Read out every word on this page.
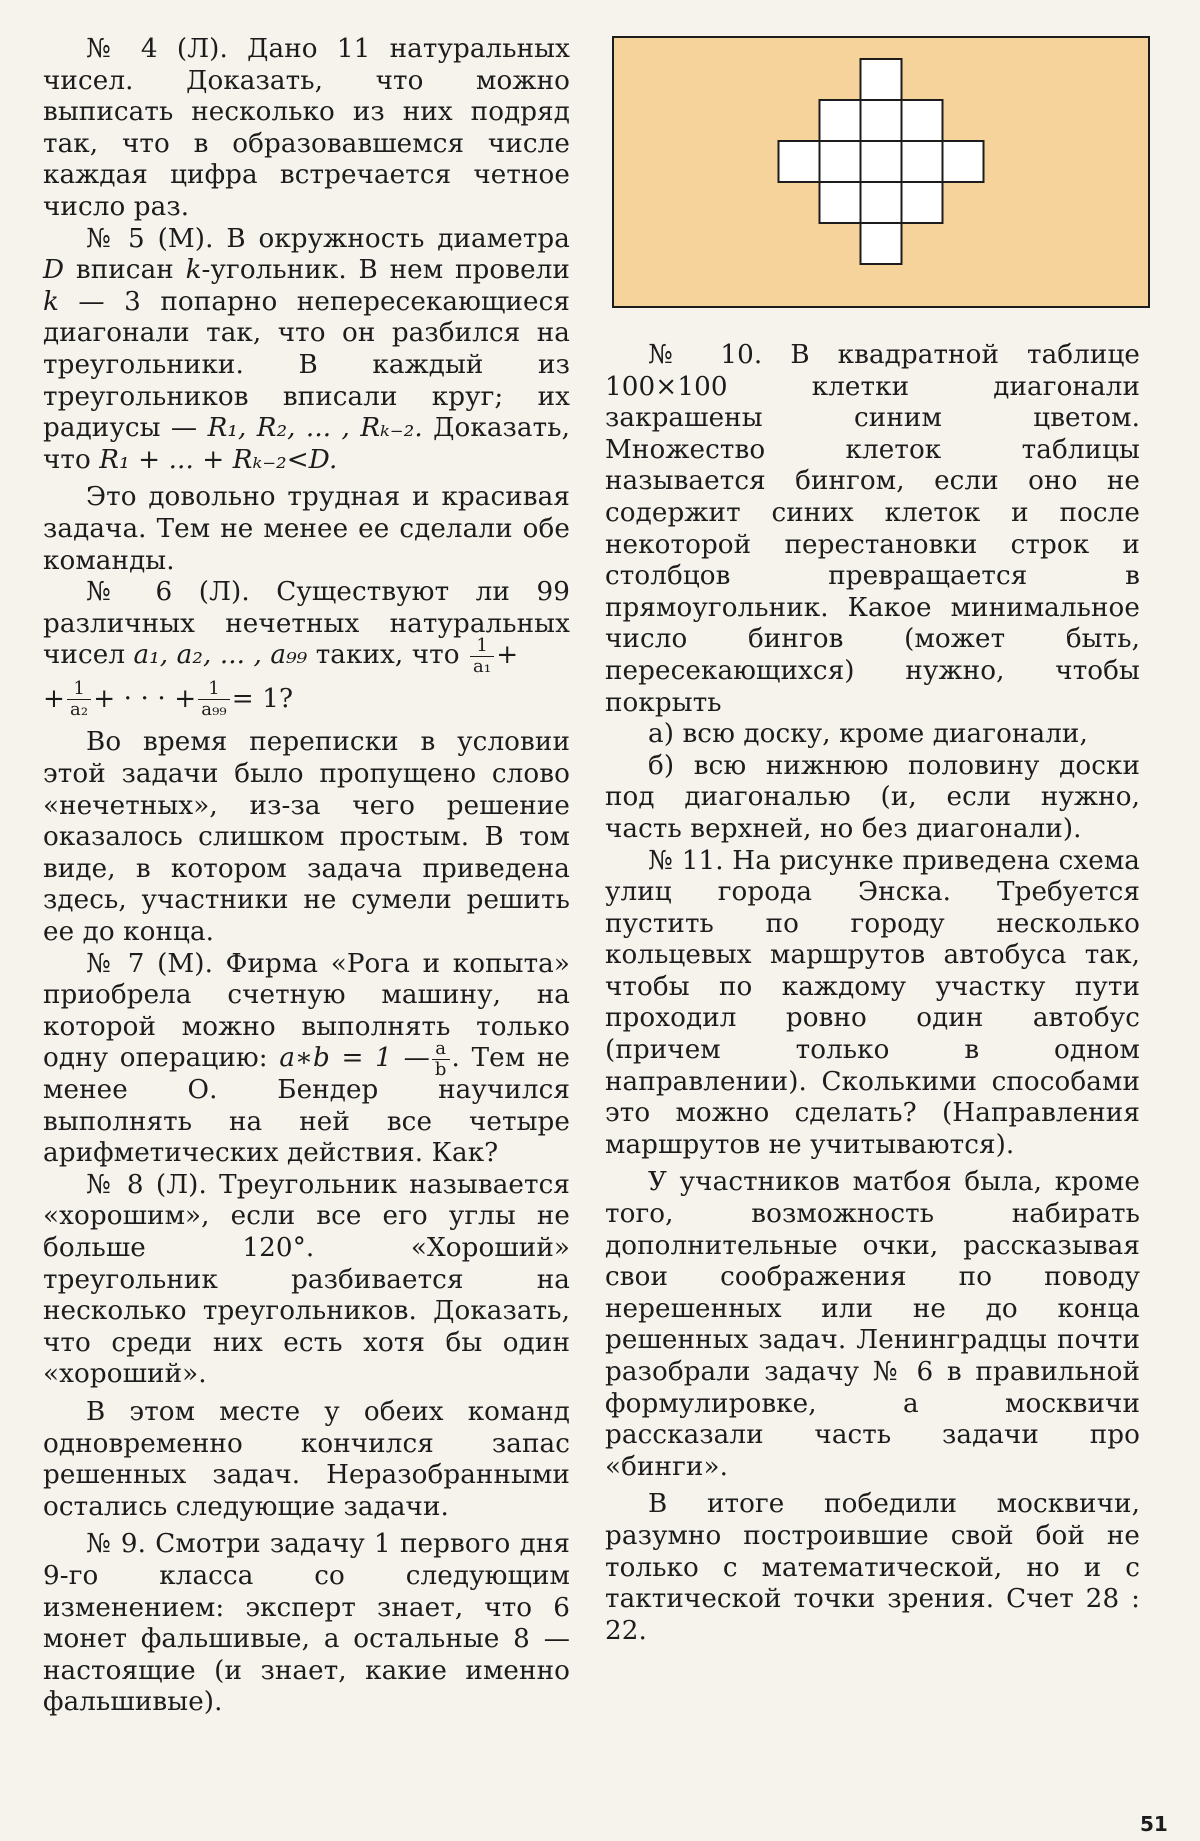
№ 4 (Л). Дано 11 натуральных чисел. Доказать, что можно выписать несколько из них подряд так, что в образовавшемся числе каждая цифра встречается четное число раз.

№ 5 (М). В окружность диаметра D вписан k-угольник. В нем провели k — 3 попарно непересекающиеся диагонали так, что он разбился на треугольники. В каждый из треугольников вписали круг; их радиусы — R₁, R₂, ... , Rₖ₋₂. Доказать, что R₁ + ... + Rₖ₋₂<D.

Это довольно трудная и красивая задача. Тем не менее ее сделали обе команды.

№ 6 (Л). Существуют ли 99 различных нечетных натуральных чисел a₁, a₂, ... , a₉₉ таких, что $\frac{1}{\text{a₁}}$ +

+ $\frac{1}{\text{a₂}}$ + · · · + $\frac{1}{\text{a₉₉}} = 1$?

Во время переписки в условии этой задачи было пропущено слово «нечетных», из-за чего решение оказалось слишком простым. В том виде, в котором задача приведена здесь, участники не сумели решить ее до конца.

№ 7 (М). Фирма «Рога и копыта» приобрела счетную машину, на которой можно выполнять только одну операцию: a∗b = 1 — $\frac{a}{b}$ . Тем не менее О. Бендер научился выполнять на ней все четыре арифметических действия. Как?

№ 8 (Л). Треугольник называется «хорошим», если все его углы не больше 120°. «Хороший» треугольник разбивается на несколько треугольников. Доказать, что среди них есть хотя бы один «хороший».

В этом месте у обеих команд одновременно кончился запас решенных задач. Неразобранными остались следующие задачи.

№ 9. Смотри задачу 1 первого дня 9-го класса со следующим изменением: эксперт знает, что 6 монет фальшивые, а остальные 8 — настоящие (и знает, какие именно фальшивые).

№ 10. В квадратной таблице 100×100 клетки диагонали закрашены синим цветом. Множество клеток таблицы называется бингом, если оно не содержит синих клеток и после некоторой перестановки строк и столбцов превращается в прямоугольник. Какое минимальное число бингов (может быть, пересекающихся) нужно, чтобы покрыть

а) всю доску, кроме диагонали,

б) всю нижнюю половину доски под диагональю (и, если нужно, часть верхней, но без диагонали).

№ 11. На рисунке приведена схема улиц города Энска. Требуется пустить по городу несколько кольцевых маршрутов автобуса так, чтобы по каждому участку пути проходил ровно один автобус (причем только в одном направлении). Сколькими способами это можно сделать? (Направления маршрутов не учитываются).

У участников матбоя была, кроме того, возможность набирать дополнительные очки, рассказывая свои соображения по поводу нерешенных или не до конца решенных задач. Ленинградцы почти разобрали задачу № 6 в правильной формулировке, а москвичи рассказали часть задачи про «бинги».

В итоге победили москвичи, разумно построившие свой бой не только с математической, но и с тактической точки зрения. Счет 28 : 22.

51
